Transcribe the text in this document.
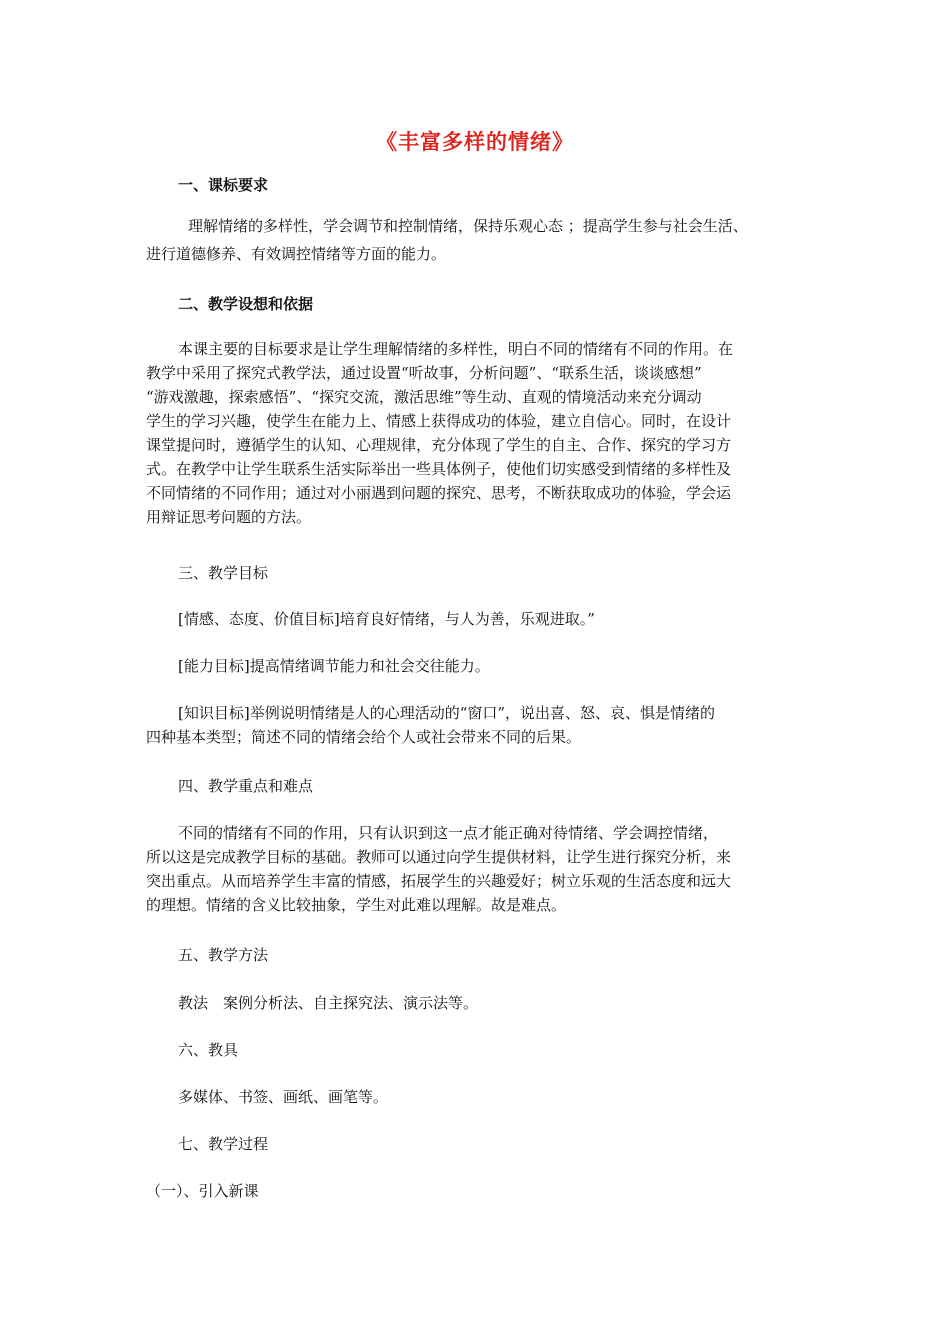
《丰富多样的情绪》
一、课标要求
理解情绪的多样性，学会调节和控制情绪，保持乐观心态 ；提高学生参与社会生活、
进行道德修养、有效调控情绪等方面的能力。
二、教学设想和依据
本课主要的目标要求是让学生理解情绪的多样性，明白不同的情绪有不同的作用。在
教学中采用了探究式教学法，通过设置“听故事，分析问题”、“联系生活，谈谈感想”
“游戏激趣，探索感悟”、“探究交流，激活思维”等生动、直观的情境活动来充分调动
学生的学习兴趣，使学生在能力上、情感上获得成功的体验，建立自信心。同时，在设计
课堂提问时，遵循学生的认知、心理规律，充分体现了学生的自主、合作、探究的学习方
式。在教学中让学生联系生活实际举出一些具体例子，使他们切实感受到情绪的多样性及
不同情绪的不同作用；通过对小丽遇到问题的探究、思考，不断获取成功的体验，学会运
用辩证思考问题的方法。
三、教学目标
[情感、态度、价值目标]培育良好情绪，与人为善，乐观进取。”
[能力目标]提高情绪调节能力和社会交往能力。
[知识目标]举例说明情绪是人的心理活动的“窗口”，说出喜、怒、哀、惧是情绪的
四种基本类型；简述不同的情绪会给个人或社会带来不同的后果。
四、教学重点和难点
不同的情绪有不同的作用，只有认识到这一点才能正确对待情绪、学会调控情绪，
所以这是完成教学目标的基础。教师可以通过向学生提供材料，让学生进行探究分析，来
突出重点。从而培养学生丰富的情感，拓展学生的兴趣爱好；树立乐观的生活态度和远大
的理想。情绪的含义比较抽象，学生对此难以理解。故是难点。
五、教学方法
教法　案例分析法、自主探究法、演示法等。
六、教具
多媒体、书签、画纸、画笔等。
七、教学过程
（一）、引入新课
